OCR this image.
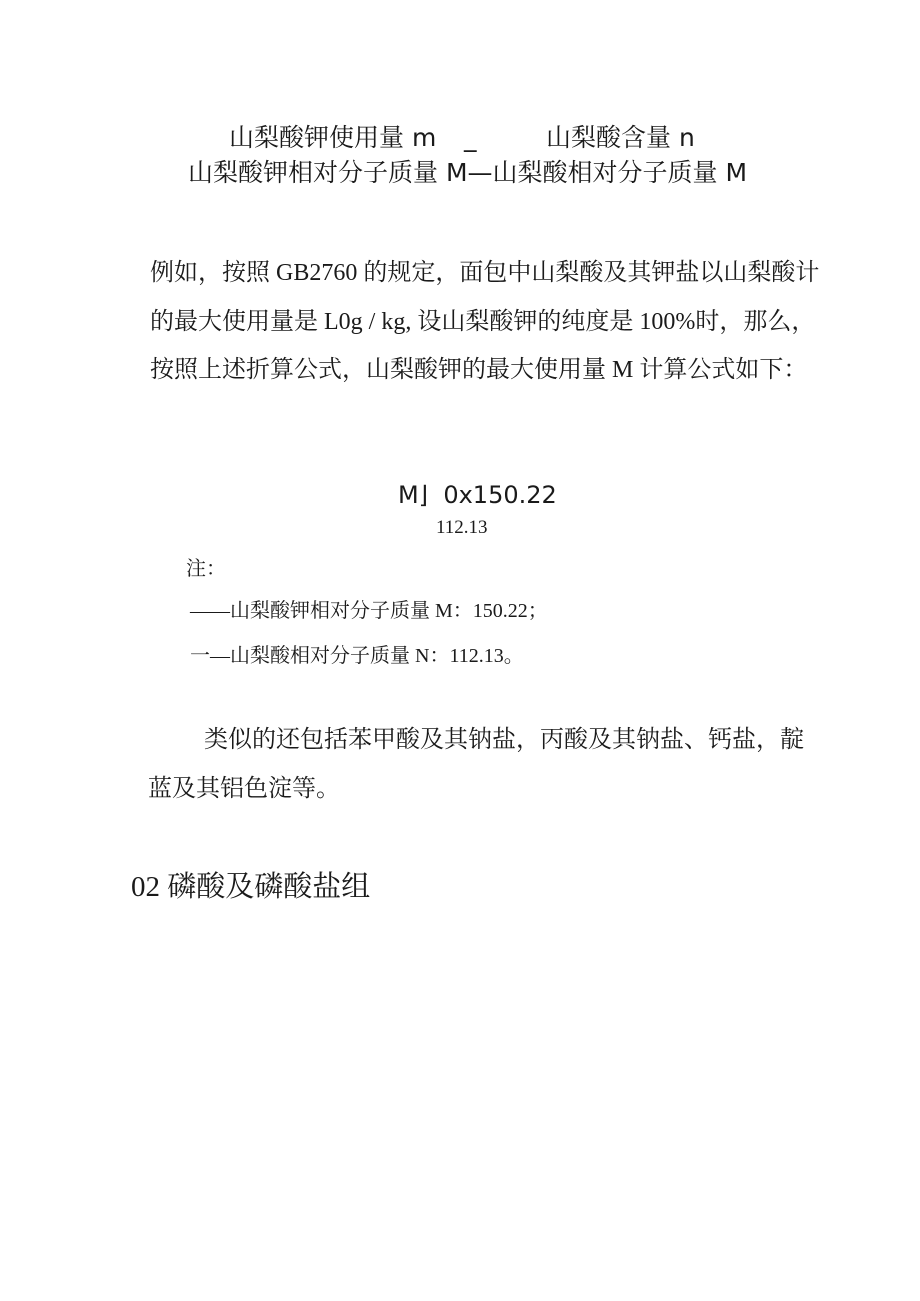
山梨酸钾使用量 m _	山梨酸含量 n
山梨酸钾相对分子质量 M—山梨酸相对分子质量 M
例如，按照 GB2760 的规定，面包中山梨酸及其钾盐以山梨酸计
的最大使用量是 L0g / kg, 设山梨酸钾的纯度是 100%时，那么，
按照上述折算公式，山梨酸钾的最大使用量 M 计算公式如下：
M⌋  0x150.22
112.13
注：
——山梨酸钾相对分子质量 M：150.22；
一—山梨酸相对分子质量 N：112.13。
类似的还包括苯甲酸及其钠盐，丙酸及其钠盐、钙盐，靛
蓝及其铝色淀等。
02 磷酸及磷酸盐组
